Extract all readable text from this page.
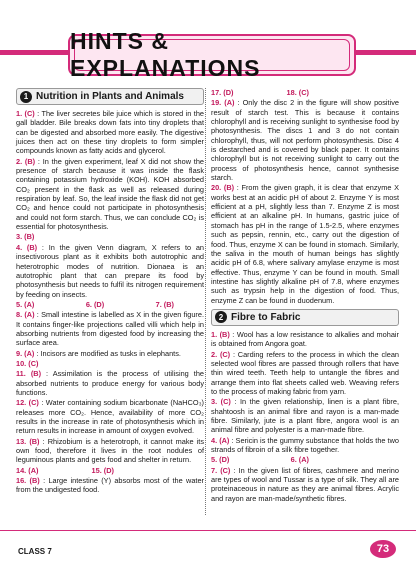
HINTS & EXPLANATIONS
1 Nutrition in Plants and Animals
1. (C) : The liver secretes bile juice which is stored in the gall bladder. Bile breaks down fats into tiny droplets that can be digested and absorbed more easily. The digestive juices then act on these tiny droplets to form simpler compounds known as fatty acids and glycerol.
2. (B) : In the given experiment, leaf X did not show the presence of starch because it was inside the flask containing potassium hydroxide (KOH). KOH absorbed CO₂ present in the flask as well as released during respiration by leaf. So, the leaf inside the flask did not get CO₂ and hence could not participate in photosynthesis and could not form starch. Thus, we can conclude CO₂ is essential for photosynthesis.
3. (B)
4. (B) : In the given Venn diagram, X refers to an insectivorous plant as it exhibits both autotrophic and heterotrophic modes of nutrition. Dionaea is an autotrophic plant that can prepare its food by photosynthesis but needs to fulfil its nitrogen requirement by feeding on insects.
5. (A)	6. (D)	7. (B)
8. (A) : Small intestine is labelled as X in the given figure. It contains finger-like projections called villi which help in absorbing nutrients from digested food by increasing the surface area.
9. (A) : Incisors are modified as tusks in elephants.
10. (C)
11. (B) : Assimilation is the process of utilising the absorbed nutrients to produce energy for various body functions.
12. (C) : Water containing sodium bicarbonate (NaHCO₃) releases more CO₂. Hence, availability of more CO₂ results in the increase in rate of photosynthesis which in return results in increase in amount of oxygen evolved.
13. (B) : Rhizobium is a heterotroph, it cannot make its own food, therefore it lives in the root nodules of leguminous plants and gets food and shelter in return.
14. (A)	15. (D)
16. (B) : Large intestine (Y) absorbs most of the water from the undigested food.
17. (D)	18. (C)
19. (A) : Only the disc 2 in the figure will show positive result of starch test. This is because it contains chlorophyll and is receiving sunlight to synthesise food by photosynthesis. The discs 1 and 3 do not contain chlorophyll, thus, will not perform photosynthesis. Disc 4 is destarched and is covered by black paper. It contains chlorophyll but is not receiving sunlight to carry out the process of photosynthesis hence, cannot synthesise starch.
20. (B) : From the given graph, it is clear that enzyme X works best at an acidic pH of about 2. Enzyme Y is most efficient at a pH, slightly less than 7. Enzyme Z is most efficient at an alkaline pH. In humans, gastric juice of stomach has pH in the range of 1.5-2.5, where enzymes such as pepsin, rennin, etc., carry out the digestion of food. Thus, enzyme X can be found in stomach. Similarly, the saliva in the mouth of human beings has slightly acidic pH of 6.8, where salivary amylase enzyme is most effective. Thus, enzyme Y can be found in mouth. Small intestine has slightly alkaline pH of 7.8, where enzymes such as trypsin help in the digestion of food. Thus, enzyme Z can be found in duodenum.
2 Fibre to Fabric
1. (B) : Wool has a low resistance to alkalies and mohair is obtained from Angora goat.
2. (C) : Carding refers to the process in which the clean selected wool fibres are passed through rollers that have thin wired teeth. Teeth help to untangle the fibres and arrange them into flat sheets called web. Weaving refers to the process of making fabric from yarn.
3. (C) : In the given relationship, linen is a plant fibre, shahtoosh is an animal fibre and rayon is a man-made fibre. Similarly, jute is a plant fibre, angora wool is an animal fibre and polyester is a man-made fibre.
4. (A) : Sericin is the gummy substance that holds the two strands of fibroin of a silk fibre together.
5. (D)	6. (A)
7. (C) : In the given list of fibres, cashmere and merino are types of wool and Tussar is a type of silk. They all are proteinaceous in nature as they are animal fibres. Acrylic and rayon are man-made/synthetic fibres.
CLASS 7	73
